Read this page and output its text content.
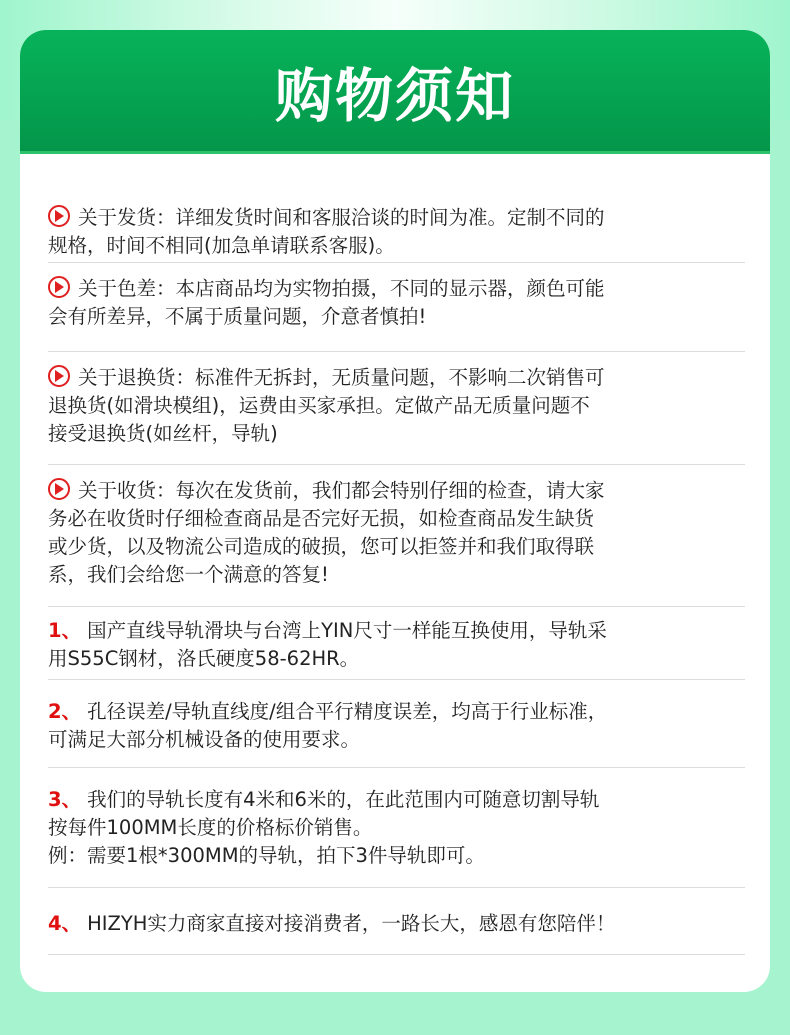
购物须知
关于发货：详细发货时间和客服洽谈的时间为准。定制不同的
规格，时间不相同(加急单请联系客服)。
关于色差：本店商品均为实物拍摄，不同的显示器，颜色可能
会有所差异，不属于质量问题，介意者慎拍!
关于退换货：标准件无拆封，无质量问题，不影响二次销售可
退换货(如滑块模组)，运费由买家承担。定做产品无质量问题不
接受退换货(如丝杆，导轨)
关于收货：每次在发货前，我们都会特别仔细的检查，请大家
务必在收货时仔细检查商品是否完好无损，如检查商品发生缺货
或少货，以及物流公司造成的破损，您可以拒签并和我们取得联
系，我们会给您一个满意的答复!
1、 国产直线导轨滑块与台湾上YIN尺寸一样能互换使用，导轨采

用S55C钢材，洛氏硬度58-62HR。
2、 孔径误差/导轨直线度/组合平行精度误差，均高于行业标准，

可满足大部分机械设备的使用要求。
3、 我们的导轨长度有4米和6米的，在此范围内可随意切割导轨

按每件100MM长度的价格标价销售。
例：需要1根*300MM的导轨，拍下3件导轨即可。
4、 HIZYH实力商家直接对接消费者，一路长大，感恩有您陪伴！
